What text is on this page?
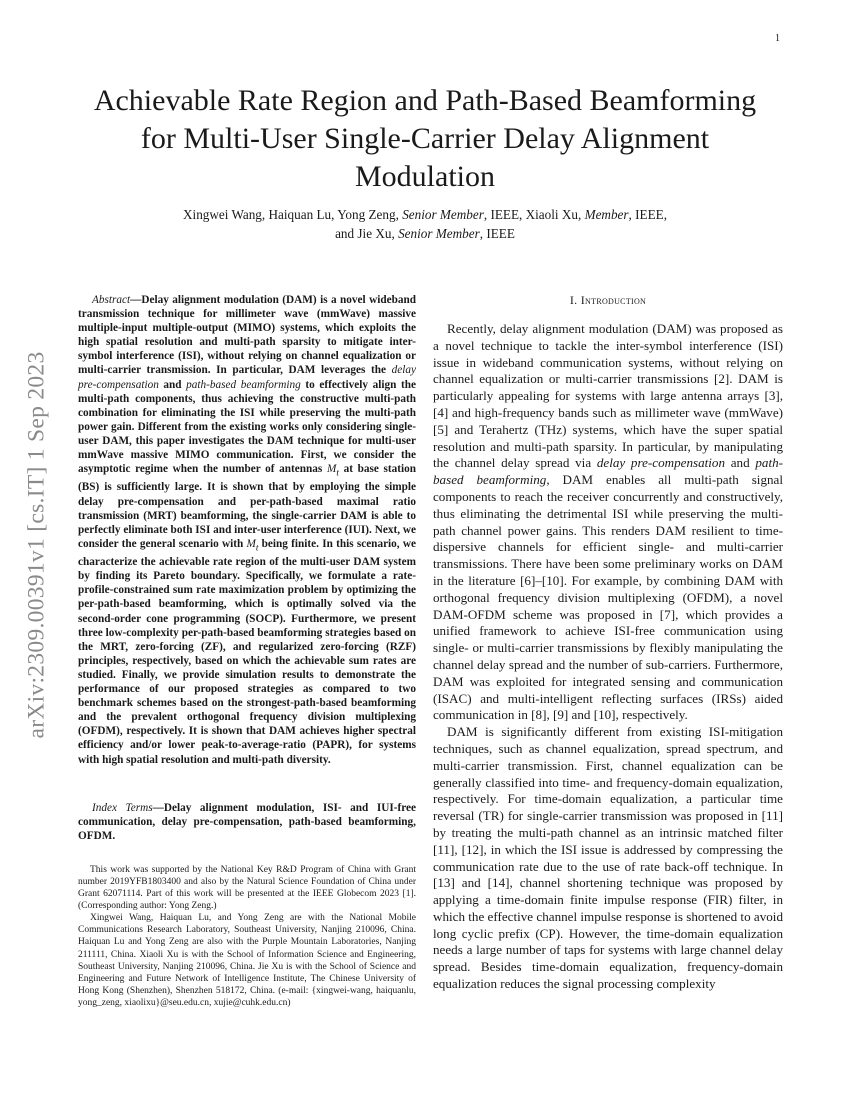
1
arXiv:2309.00391v1 [cs.IT] 1 Sep 2023
Achievable Rate Region and Path-Based Beamforming for Multi-User Single-Carrier Delay Alignment Modulation
Xingwei Wang, Haiquan Lu, Yong Zeng, Senior Member, IEEE, Xiaoli Xu, Member, IEEE,
and Jie Xu, Senior Member, IEEE

Abstract—Delay alignment modulation (DAM) is a novel wideband transmission technique for millimeter wave (mmWave) massive multiple-input multiple-output (MIMO) systems, which exploits the high spatial resolution and multi-path sparsity to mitigate inter-symbol interference (ISI), without relying on channel equalization or multi-carrier transmission. In particular, DAM leverages the delay pre-compensation and path-based beamforming to effectively align the multi-path components, thus achieving the constructive multi-path combination for eliminating the ISI while preserving the multi-path power gain. Different from the existing works only considering single-user DAM, this paper investigates the DAM technique for multi-user mmWave massive MIMO communication. First, we consider the asymptotic regime when the number of antennas $M_t$ at base station (BS) is sufficiently large. It is shown that by employing the simple delay pre-compensation and per-path-based maximal ratio transmission (MRT) beamforming, the single-carrier DAM is able to perfectly eliminate both ISI and inter-user interference (IUI). Next, we consider the general scenario with $M_t$ being finite. In this scenario, we characterize the achievable rate region of the multi-user DAM system by finding its Pareto boundary. Specifically, we formulate a rate-profile-constrained sum rate maximization problem by optimizing the per-path-based beamforming, which is optimally solved via the second-order cone programming (SOCP). Furthermore, we present three low-complexity per-path-based beamforming strategies based on the MRT, zero-forcing (ZF), and regularized zero-forcing (RZF) principles, respectively, based on which the achievable sum rates are studied. Finally, we provide simulation results to demonstrate the performance of our proposed strategies as compared to two benchmark schemes based on the strongest-path-based beamforming and the prevalent orthogonal frequency division multiplexing (OFDM), respectively. It is shown that DAM achieves higher spectral efficiency and/or lower peak-to-average-ratio (PAPR), for systems with high spatial resolution and multi-path diversity.

Index Terms—Delay alignment modulation, ISI- and IUI-free communication, delay pre-compensation, path-based beamforming, OFDM.

This work was supported by the National Key R&D Program of China with Grant number 2019YFB1803400 and also by the Natural Science Foundation of China under Grant 62071114. Part of this work will be presented at the IEEE Globecom 2023 [1]. (Corresponding author: Yong Zeng.)

Xingwei Wang, Haiquan Lu, and Yong Zeng are with the National Mobile Communications Research Laboratory, Southeast University, Nanjing 210096, China. Haiquan Lu and Yong Zeng are also with the Purple Mountain Laboratories, Nanjing 211111, China. Xiaoli Xu is with the School of Information Science and Engineering, Southeast University, Nanjing 210096, China. Jie Xu is with the School of Science and Engineering and Future Network of Intelligence Institute, The Chinese University of Hong Kong (Shenzhen), Shenzhen 518172, China. (e-mail: {xingwei-wang, haiquanlu, yong_zeng, xiaolixu}@seu.edu.cn, xujie@cuhk.edu.cn)

I. Introduction

Recently, delay alignment modulation (DAM) was proposed as a novel technique to tackle the inter-symbol interference (ISI) issue in wideband communication systems, without relying on channel equalization or multi-carrier transmissions [2]. DAM is particularly appealing for systems with large antenna arrays [3], [4] and high-frequency bands such as millimeter wave (mmWave) [5] and Terahertz (THz) systems, which have the super spatial resolution and multi-path sparsity. In particular, by manipulating the channel delay spread via delay pre-compensation and path-based beamforming, DAM enables all multi-path signal components to reach the receiver concurrently and constructively, thus eliminating the detrimental ISI while preserving the multi-path channel power gains. This renders DAM resilient to time-dispersive channels for efficient single- and multi-carrier transmissions. There have been some preliminary works on DAM in the literature [6]–[10]. For example, by combining DAM with orthogonal frequency division multiplexing (OFDM), a novel DAM-OFDM scheme was proposed in [7], which provides a unified framework to achieve ISI-free communication using single- or multi-carrier transmissions by flexibly manipulating the channel delay spread and the number of sub-carriers. Furthermore, DAM was exploited for integrated sensing and communication (ISAC) and multi-intelligent reflecting surfaces (IRSs) aided communication in [8], [9] and [10], respectively.

DAM is significantly different from existing ISI-mitigation techniques, such as channel equalization, spread spectrum, and multi-carrier transmission. First, channel equalization can be generally classified into time- and frequency-domain equalization, respectively. For time-domain equalization, a particular time reversal (TR) for single-carrier transmission was proposed in [11] by treating the multi-path channel as an intrinsic matched filter [11], [12], in which the ISI issue is addressed by compressing the communication rate due to the use of rate back-off technique. In [13] and [14], channel shortening technique was proposed by applying a time-domain finite impulse response (FIR) filter, in which the effective channel impulse response is shortened to avoid long cyclic prefix (CP). However, the time-domain equalization needs a large number of taps for systems with large channel delay spread. Besides time-domain equalization, frequency-domain equalization reduces the signal processing complexity
